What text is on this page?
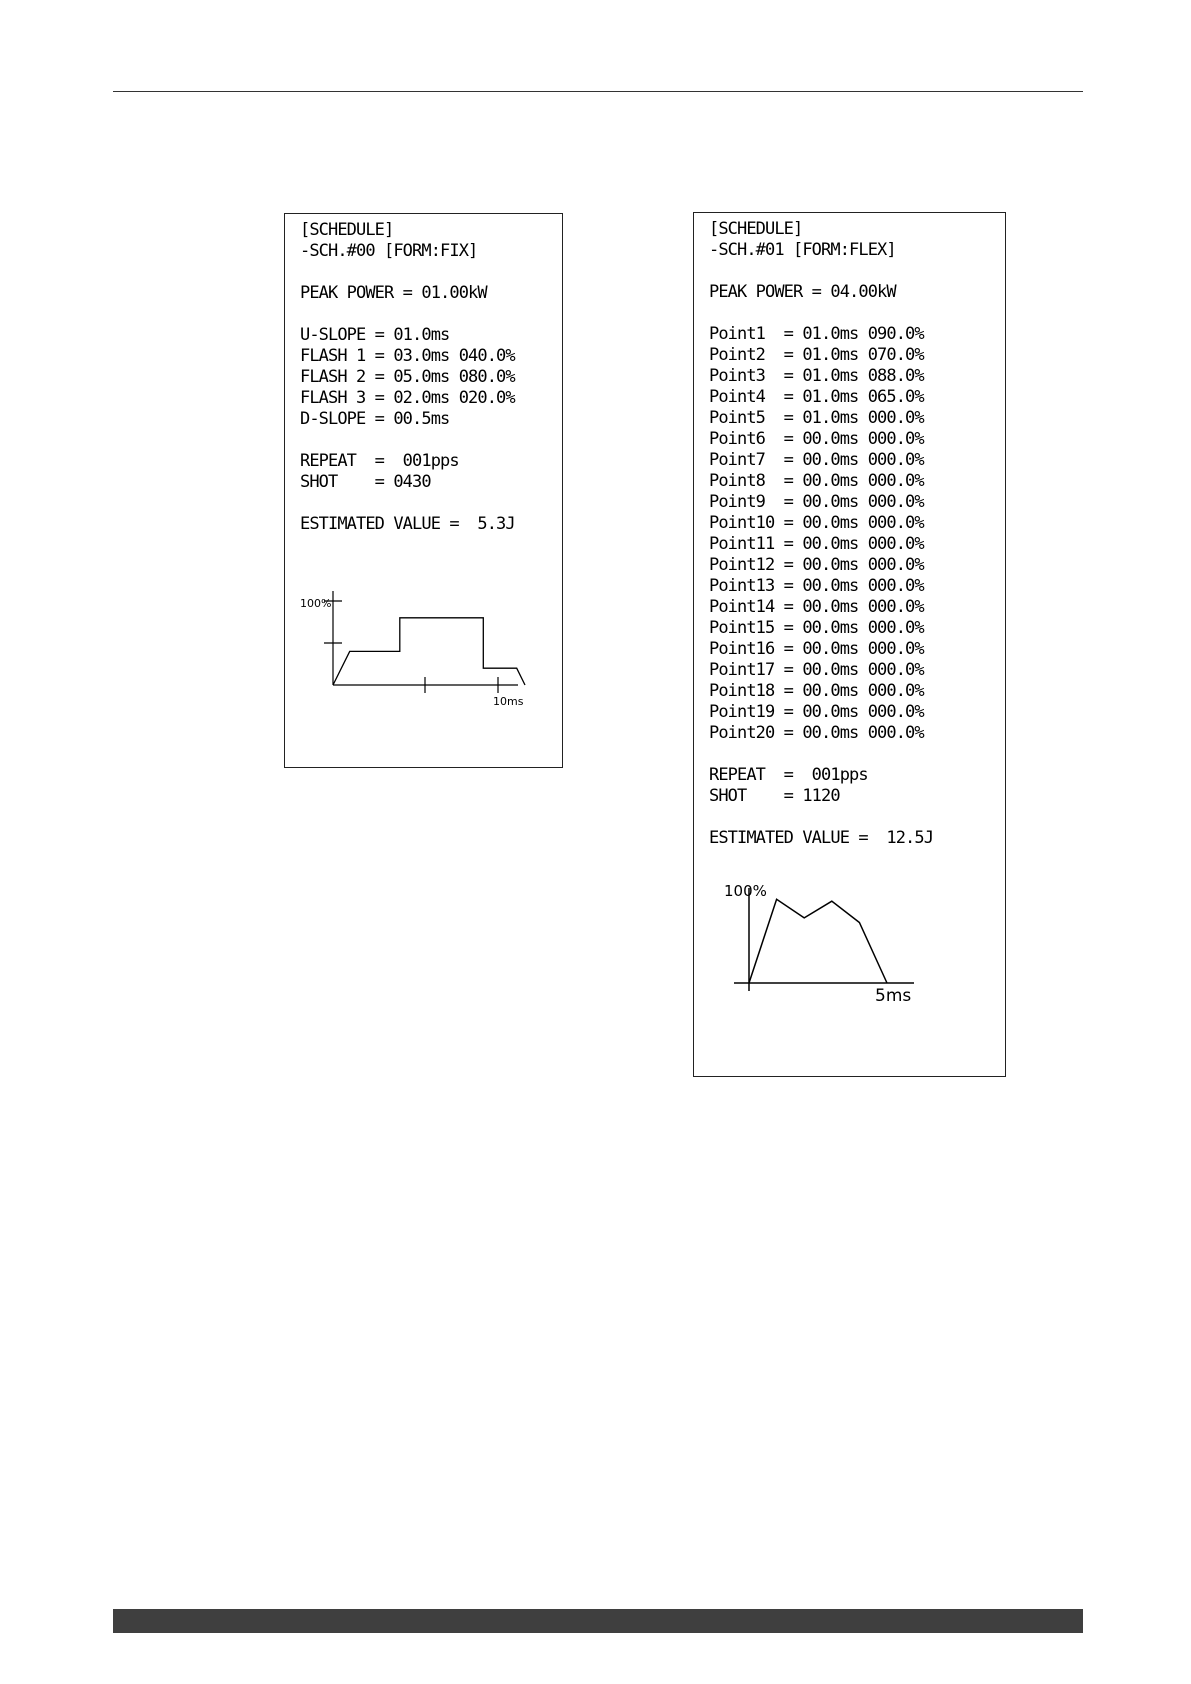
[SCHEDULE]
-SCH.#00 [FORM:FIX]
PEAK POWER = 01.00kW
U-SLOPE = 01.0ms
FLASH 1 = 03.0ms 040.0%
FLASH 2 = 05.0ms 080.0%
FLASH 3 = 02.0ms 020.0%
D-SLOPE = 00.5ms
REPEAT  =  001pps
SHOT    = 0430
ESTIMATED VALUE =  5.3J
100%
10ms
[SCHEDULE]
-SCH.#01 [FORM:FLEX]
PEAK POWER = 04.00kW
Point1  = 01.0ms 090.0%
Point2  = 01.0ms 070.0%
Point3  = 01.0ms 088.0%
Point4  = 01.0ms 065.0%
Point5  = 01.0ms 000.0%
Point6  = 00.0ms 000.0%
Point7  = 00.0ms 000.0%
Point8  = 00.0ms 000.0%
Point9  = 00.0ms 000.0%
Point10 = 00.0ms 000.0%
Point11 = 00.0ms 000.0%
Point12 = 00.0ms 000.0%
Point13 = 00.0ms 000.0%
Point14 = 00.0ms 000.0%
Point15 = 00.0ms 000.0%
Point16 = 00.0ms 000.0%
Point17 = 00.0ms 000.0%
Point18 = 00.0ms 000.0%
Point19 = 00.0ms 000.0%
Point20 = 00.0ms 000.0%
REPEAT  =  001pps
SHOT    = 1120
ESTIMATED VALUE =  12.5J
100%
5ms
